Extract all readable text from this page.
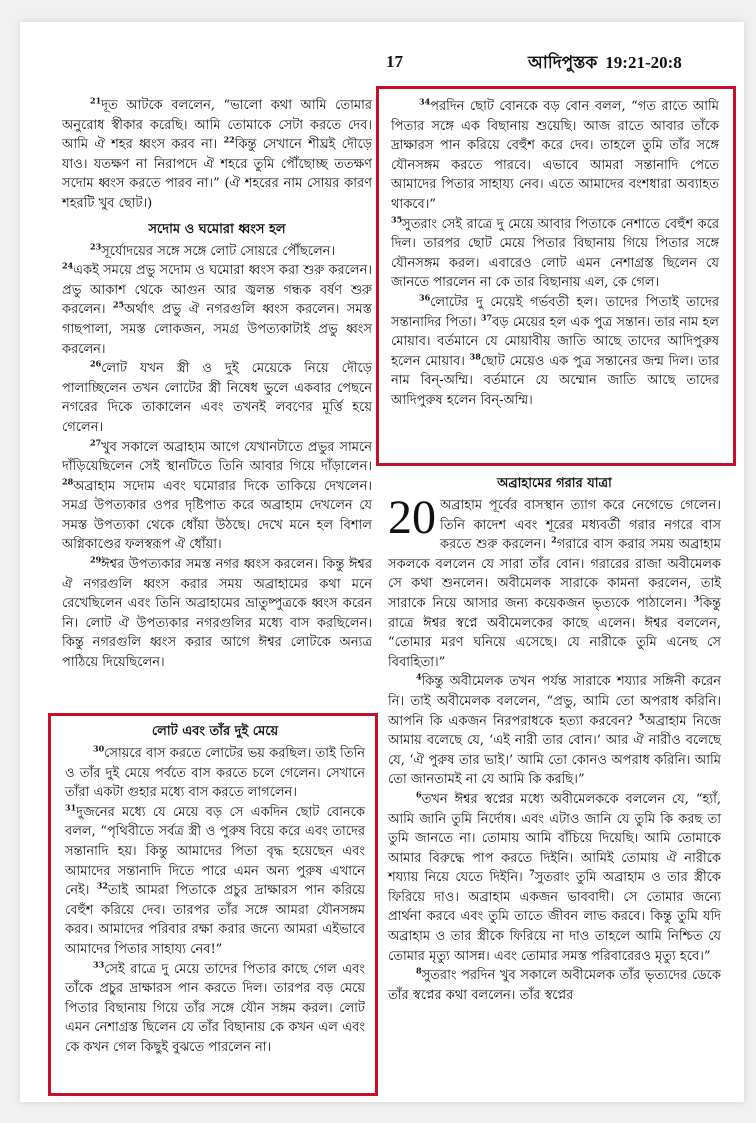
17	আদিপুস্তক 19:21-20:8

$^{21}$দূত আটকে বললেন, “ভালো কথা আমি তোমার অনুরোধ স্বীকার করেছি। আমি তোমাকে সেটা করতে দেব। আমি ঐ শহর ধ্বংস করব না। $^{22}$কিন্তু সেখানে শীঘ্রই দৌড়ে যাও। যতক্ষণ না নিরাপদে ঐ শহরে তুমি পৌঁছোচ্ছ ততক্ষণ সদোম ধ্বংস করতে পারব না।” (ঐ শহরের নাম সোয়র কারণ শহরটি খুব ছোট।)

সদোম ও ঘমোরা ধ্বংস হল

$^{23}$সূর্যোদয়ের সঙ্গে সঙ্গে লোট সোয়রে পৌঁছলেন।

$^{24}$একই সময়ে প্রভু সদোম ও ঘমোরা ধ্বংস করা শুরু করলেন। প্রভু আকাশ থেকে আগুন আর জ্বলন্ত গন্ধক বর্ষণ শুরু করলেন। $^{25}$অর্থাৎ প্রভু ঐ নগরগুলি ধ্বংস করলেন। সমস্ত গাছপালা, সমস্ত লোকজন, সমগ্র উপত্যকাটাই প্রভু ধ্বংস করলেন।

$^{26}$লোট যখন স্ত্রী ও দুই মেয়েকে নিয়ে দৌড়ে পালাচ্ছিলেন তখন লোটের স্ত্রী নিষেধ ভুলে একবার পেছনে নগরের দিকে তাকালেন এবং তখনই লবণের মূর্ত্তি হয়ে গেলেন।

$^{27}$খুব সকালে অব্রাহাম আগে যেখানটাতে প্রভুর সামনে দাঁড়িয়েছিলেন সেই স্থানটিতে তিনি আবার গিয়ে দাঁড়ালেন। $^{28}$অব্রাহাম সদোম এবং ঘমোরার দিকে তাকিয়ে দেখলেন। সমগ্র উপত্যকার ওপর দৃষ্টিপাত করে অব্রাহাম দেখলেন যে সমস্ত উপত্যকা থেকে ধোঁয়া উঠছে। দেখে মনে হল বিশাল অগ্নিকাণ্ডের ফলস্বরূপ ঐ ধোঁয়া।

$^{29}$ঈশ্বর উপত্যকার সমস্ত নগর ধ্বংস করলেন। কিন্তু ঈশ্বর ঐ নগরগুলি ধ্বংস করার সময় অব্রাহামের কথা মনে রেখেছিলেন এবং তিনি অব্রাহামের ভ্রাতুষ্পুত্রকে ধ্বংস করেন নি। লোট ঐ উপত্যকার নগরগুলির মধ্যে বাস করছিলেন। কিন্তু নগরগুলি ধ্বংস করার আগে ঈশ্বর লোটকে অন্যত্র পাঠিয়ে দিয়েছিলেন।

লোট এবং তাঁর দুই মেয়ে

$^{30}$সোয়রে বাস করতে লোটের ভয় করছিল। তাই তিনি ও তাঁর দুই মেয়ে পর্বতে বাস করতে চলে গেলেন। সেখানে তাঁরা একটা গুহার মধ্যে বাস করতে লাগলেন।

$^{31}$দুজনের মধ্যে যে মেয়ে বড় সে একদিন ছোট বোনকে বলল, “পৃথিবীতে সর্বত্র স্ত্রী ও পুরুষ বিয়ে করে এবং তাদের সন্তানাদি হয়। কিন্তু আমাদের পিতা বৃদ্ধ হয়েছেন এবং আমাদের সন্তানাদি দিতে পারে এমন অন্য পুরুষ এখানে নেই। $^{32}$তাই আমরা পিতাকে প্রচুর দ্রাক্ষারস পান করিয়ে বেহুঁশ করিয়ে দেব। তারপর তাঁর সঙ্গে আমরা যৌনসঙ্গম করব। আমাদের পরিবার রক্ষা করার জন্যে আমরা এইভাবে আমাদের পিতার সাহায্য নেব!”

$^{33}$সেই রাত্রে দু মেয়ে তাদের পিতার কাছে গেল এবং তাঁকে প্রচুর দ্রাক্ষারস পান করতে দিল। তারপর বড় মেয়ে পিতার বিছানায় গিয়ে তাঁর সঙ্গে যৌন সঙ্গম করল। লোট এমন নেশাগ্রস্ত ছিলেন যে তাঁর বিছানায় কে কখন এল এবং কে কখন গেল কিছুই বুঝতে পারলেন না।

$^{34}$পরদিন ছোট বোনকে বড় বোন বলল, “গত রাতে আমি পিতার সঙ্গে এক বিছানায় শুয়েছি। আজ রাতে আবার তাঁকে দ্রাক্ষারস পান করিয়ে বেহুঁশ করে দেব। তাহলে তুমি তাঁর সঙ্গে যৌনসঙ্গম করতে পারবে। এভাবে আমরা সন্তানাদি পেতে আমাদের পিতার সাহায্য নেব। এতে আমাদের বংশধারা অব্যাহত থাকবে।”

$^{35}$সুতরাং সেই রাত্রে দু মেয়ে আবার পিতাকে নেশাতে বেহুঁশ করে দিল। তারপর ছোট মেয়ে পিতার বিছানায় গিয়ে পিতার সঙ্গে যৌনসঙ্গম করল। এবারেও লোট এমন নেশাগ্রস্ত ছিলেন যে জানতে পারলেন না কে তার বিছানায় এল, কে গেল।

$^{36}$লোটের দু মেয়েই গর্ভবতী হল। তাদের পিতাই তাদের সন্তানাদির পিতা। $^{37}$বড় মেয়ের হল এক পুত্র সন্তান। তার নাম হল মোয়াব। বর্তমানে যে মোয়াবীয় জাতি আছে তাদের আদিপুরুষ হলেন মোয়াব। $^{38}$ছোট মেয়েও এক পুত্র সন্তানের জন্ম দিল। তার নাম বিন্-অম্মি। বর্তমানে যে অম্মোন জাতি আছে তাদের আদিপুরুষ হলেন বিন্-অম্মি।

অব্রাহামের গরার যাত্রা

20 অব্রাহাম পূর্বের বাসস্থান ত্যাগ করে নেগেভে গেলেন। তিনি কাদেশ এবং শূরের মধ্যবর্তী গরার নগরে বাস করতে শুরু করলেন। $^2$গরারে বাস করার সময় অব্রাহাম সকলকে বললেন যে সারা তাঁর বোন। গরারের রাজা অবীমেলক সে কথা শুনলেন। অবীমেলক সারাকে কামনা করলেন, তাই সারাকে নিয়ে আসার জন্য কয়েকজন ভৃত্যকে পাঠালেন। $^3$কিন্তু রাত্রে ঈশ্বর স্বপ্নে অবীমেলকের কাছে এলেন। ঈশ্বর বললেন, “তোমার মরণ ঘনিয়ে এসেছে। যে নারীকে তুমি এনেছ সে বিবাহিতা।”

$^4$কিন্তু অবীমেলক তখন পর্যন্ত সারাকে শয্যার সঙ্গিনী করেন নি। তাই অবীমেলক বললেন, “প্রভু, আমি তো অপরাধ করিনি। আপনি কি একজন নিরপরাধকে হত্যা করবেন? $^5$অব্রাহাম নিজে আমায় বলেছে যে, ‘এই নারী তার বোন।’ আর ঐ নারীও বলেছে যে, ‘ঐ পুরুষ তার ভাই।’ আমি তো কোনও অপরাধ করিনি। আমি তো জানতামই না যে আমি কি করছি।”

$^6$তখন ঈশ্বর স্বপ্নের মধ্যে অবীমেলককে বললেন যে, “হ্যাঁ, আমি জানি তুমি নির্দোষ। এবং এটাও জানি যে তুমি কি করছ তা তুমি জানতে না। তোমায় আমি বাঁচিয়ে দিয়েছি। আমি তোমাকে আমার বিরুদ্ধে পাপ করতে দিইনি। আমিই তোমায় ঐ নারীকে শয্যায় নিয়ে যেতে দিইনি। $^7$সুতরাং তুমি অব্রাহাম ও তার স্ত্রীকে ফিরিয়ে দাও। অব্রাহাম একজন ভাববাদী। সে তোমার জন্যে প্রার্থনা করবে এবং তুমি তাতে জীবন লাভ করবে। কিন্তু তুমি যদি অব্রাহাম ও তার স্ত্রীকে ফিরিয়ে না দাও তাহলে আমি নিশ্চিত যে তোমার মৃত্যু আসন্ন। এবং তোমার সমস্ত পরিবারেরও মৃত্যু হবে।”

$^8$সুতরাং পরদিন খুব সকালে অবীমেলক তাঁর ভৃত্যদের ডেকে তাঁর স্বপ্নের কথা বললেন। তাঁর স্বপ্নের
